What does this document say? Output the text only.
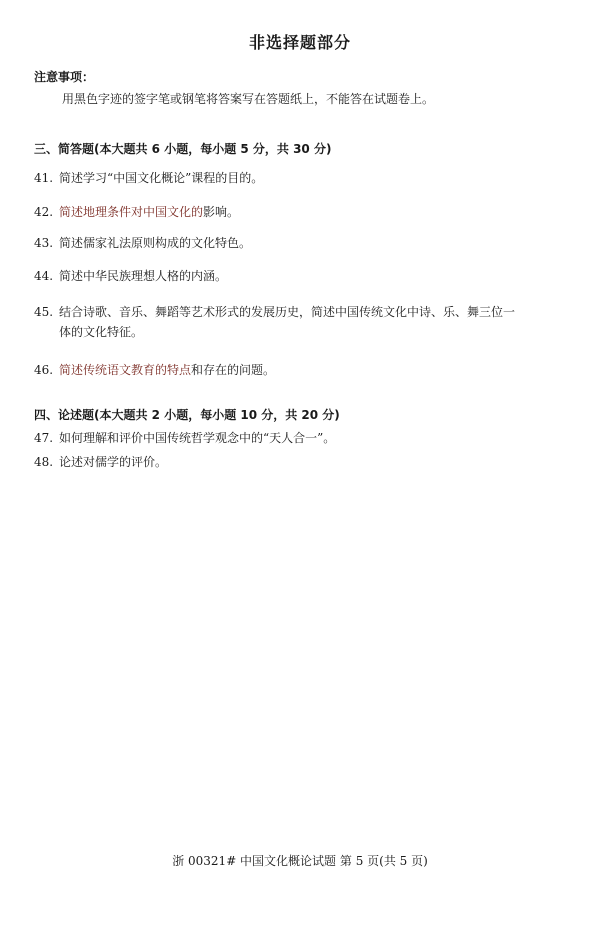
非选择题部分
注意事项：
用黑色字迹的签字笔或钢笔将答案写在答题纸上，不能答在试题卷上。
三、简答题(本大题共 6 小题，每小题 5 分，共 30 分)
41. 简述学习“中国文化概论”课程的目的。
42. 简述地理条件对中国文化的影响。
43. 简述儒家礼法原则构成的文化特色。
44. 简述中华民族理想人格的内涵。
45. 结合诗歌、音乐、舞蹈等艺术形式的发展历史，简述中国传统文化中诗、乐、舞三位一
体的文化特征。
46. 简述传统语文教育的特点和存在的问题。
四、论述题(本大题共 2 小题，每小题 10 分，共 20 分)
47. 如何理解和评价中国传统哲学观念中的“天人合一”。
48. 论述对儒学的评价。
浙 00321# 中国文化概论试题 第 5 页(共 5 页)
